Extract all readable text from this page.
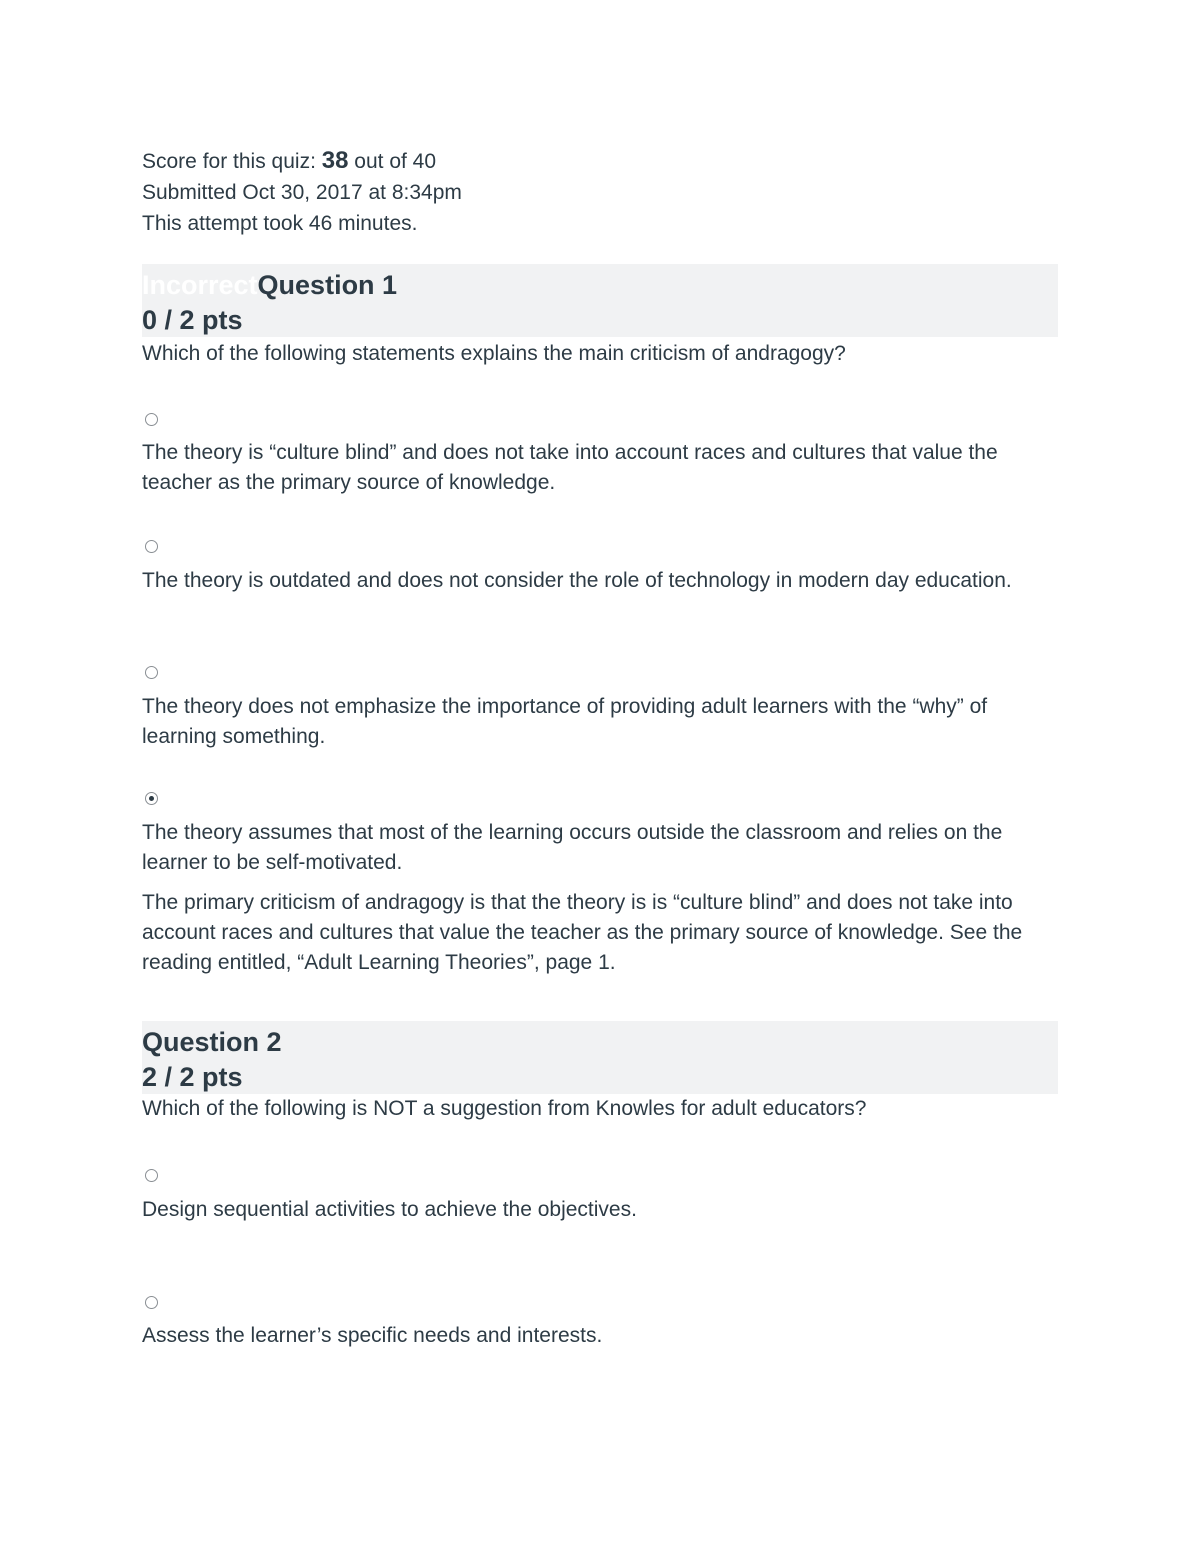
Score for this quiz: 38 out of 40
Submitted Oct 30, 2017 at 8:34pm
This attempt took 46 minutes.
IncorrectQuestion 1
0 / 2 pts
Which of the following statements explains the main criticism of andragogy?
The theory is “culture blind” and does not take into account races and cultures that value the teacher as the primary source of knowledge.
The theory is outdated and does not consider the role of technology in modern day education.
The theory does not emphasize the importance of providing adult learners with the “why” of learning something.
The theory assumes that most of the learning occurs outside the classroom and relies on the learner to be self-motivated.
The primary criticism of andragogy is that the theory is is “culture blind” and does not take into account races and cultures that value the teacher as the primary source of knowledge. See the reading entitled, “Adult Learning Theories”, page 1.
Question 2
2 / 2 pts
Which of the following is NOT a suggestion from Knowles for adult educators?
Design sequential activities to achieve the objectives.
Assess the learner’s specific needs and interests.
